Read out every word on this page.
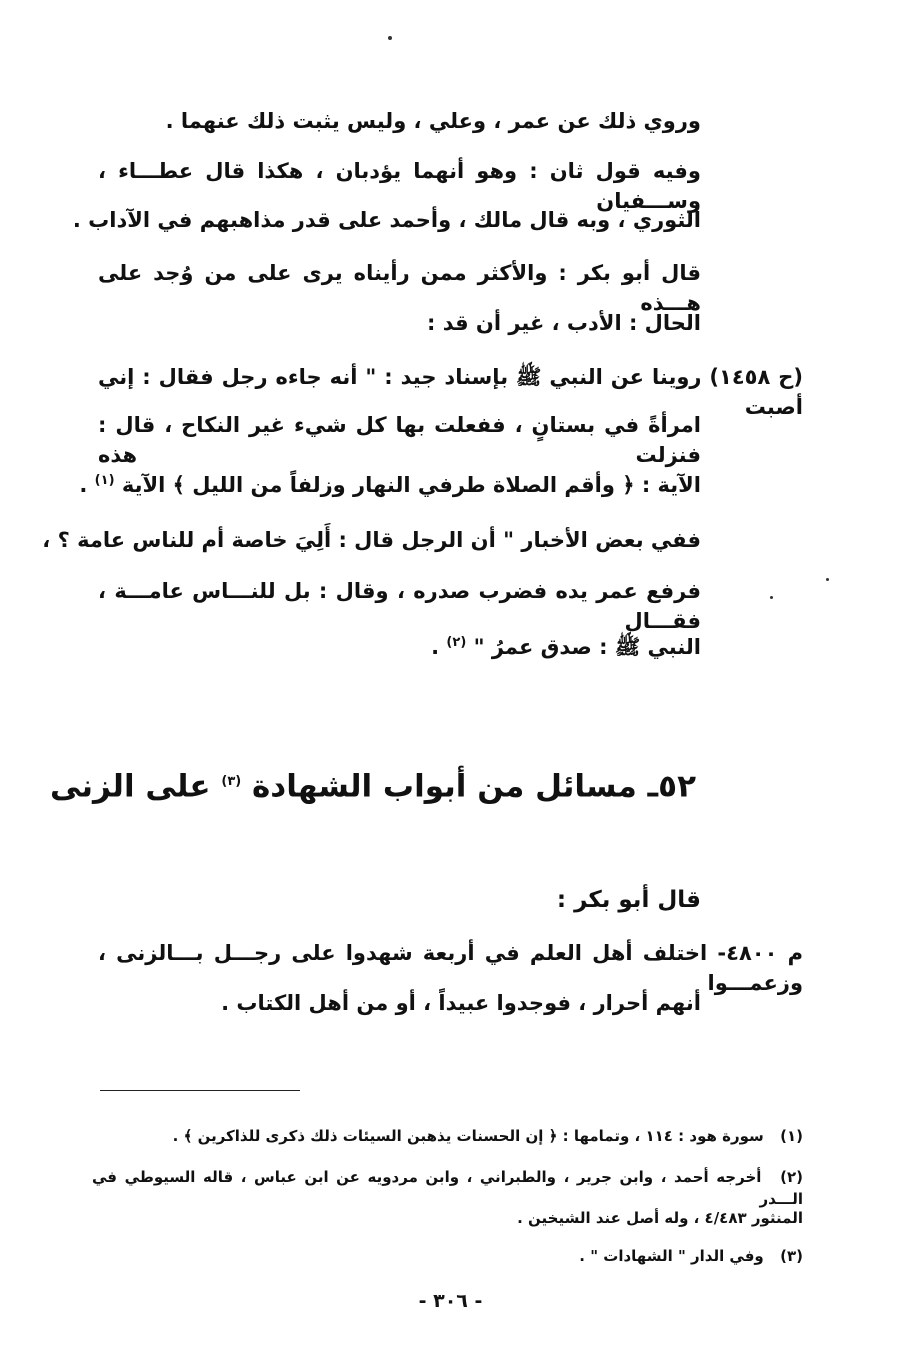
وروي ذلك عن عمر ، وعلي ، وليس يثبت ذلك عنهما .
وفيه قول ثان : وهو أنهما يؤدبان ، هكذا قال عطـــاء ، وســـفيان
الثوري ، وبه قال مالك ، وأحمد على قدر مذاهبهم في الآداب .
قال أبو بكر : والأكثر ممن رأيناه يرى على من وُجد على هـــذه
الحال : الأدب ، غير أن قد :
(ح ١٤٥٨) روينا عن النبي ﷺ بإسناد جيد : " أنه جاءه رجل فقال : إني أصبت
امرأةً في بستانٍ ، ففعلت بها كل شيء غير النكاح ، قال : فنزلت هذه
الآية : ﴿ وأقم الصلاة طرفي النهار وزلفاً من الليل ﴾ الآية $^{(١)}$ .
ففي بعض الأخبار " أن الرجل قال : أَلِيَ خاصة أم للناس عامة ؟ ،
فرفع عمر يده فضرب صدره ، وقال : بل للنـــاس عامـــة ، فقـــال
النبي ﷺ : صدق عمرُ " $^{(٢)}$ .
٥٢ـ مسائل من أبواب الشهادة $^{(٣)}$ على الزنى
قال أبو بكر :
م ٤٨٠٠- اختلف أهل العلم في أربعة شهدوا على رجـــل بـــالزنى ، وزعمـــوا
أنهم أحرار ، فوجدوا عبيداً ، أو من أهل الكتاب .
(١) سورة هود : ١١٤ ، وتمامها : ﴿ إن الحسنات يذهبن السيئات ذلك ذكرى للذاكرين ﴾ .
(٢) أخرجه أحمد ، وابن جرير ، والطبراني ، وابن مردويه عن ابن عباس ، قاله السيوطي في الـــدر
المنثور ٤/٤٨٣ ، وله أصل عند الشيخين .
(٣) وفي الدار " الشهادات " .
- ٣٠٦ -
